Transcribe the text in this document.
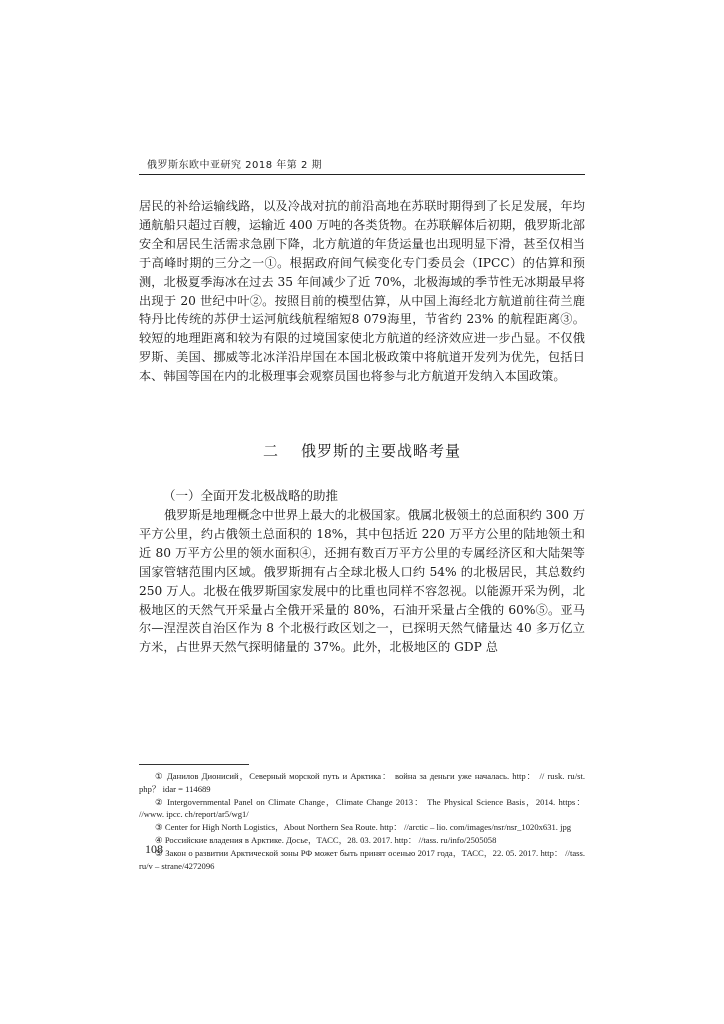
俄罗斯东欧中亚研究 2018 年第 2 期

居民的补给运输线路，以及冷战对抗的前沿高地在苏联时期得到了长足发展，年均通航船只超过百艘，运输近 400 万吨的各类货物。在苏联解体后初期，俄罗斯北部安全和居民生活需求急剧下降，北方航道的年货运量也出现明显下滑，甚至仅相当于高峰时期的三分之一①。根据政府间气候变化专门委员会（IPCC）的估算和预测，北极夏季海冰在过去 35 年间减少了近 70%，北极海域的季节性无冰期最早将出现于 20 世纪中叶②。按照目前的模型估算，从中国上海经北方航道前往荷兰鹿特丹比传统的苏伊士运河航线航程缩短8 079海里，节省约 23% 的航程距离③。较短的地理距离和较为有限的过境国家使北方航道的经济效应进一步凸显。不仅俄罗斯、美国、挪威等北冰洋沿岸国在本国北极政策中将航道开发列为优先，包括日本、韩国等国在内的北极理事会观察员国也将参与北方航道开发纳入本国政策。

二 俄罗斯的主要战略考量
（一）全面开发北极战略的助推

俄罗斯是地理概念中世界上最大的北极国家。俄属北极领土的总面积约 300 万平方公里，约占俄领土总面积的 18%，其中包括近 220 万平方公里的陆地领土和近 80 万平方公里的领水面积④，还拥有数百万平方公里的专属经济区和大陆架等国家管辖范围内区域。俄罗斯拥有占全球北极人口约 54% 的北极居民，其总数约 250 万人。北极在俄罗斯国家发展中的比重也同样不容忽视。以能源开采为例，北极地区的天然气开采量占全俄开采量的 80%，石油开采量占全俄的 60%⑤。亚马尔—涅涅茨自治区作为 8 个北极行政区划之一，已探明天然气储量达 40 多万亿立方米，占世界天然气探明储量的 37%。此外，北极地区的 GDP 总

① Данилов Дионисий，Северный морской путь и Арктика： война за деньги уже началась. http： // rusk. ru/st. php？ idar = 114689

② Intergovernmental Panel on Climate Change，Climate Change 2013： The Physical Science Basis，2014. https： //www. ipcc. ch/report/ar5/wg1/

③ Center for High North Logistics，About Northern Sea Route. http： //arctic – lio. com/images/nsr/nsr_1020x631. jpg

④ Российские владения в Арктике. Досье，ТАСС，28. 03. 2017. http： //tass. ru/info/2505058

⑤ Закон о развитии Арктической зоны РФ может быть принят осенью 2017 года，ТАСС，22. 05. 2017. http： //tass. ru/v – strane/4272096

108
